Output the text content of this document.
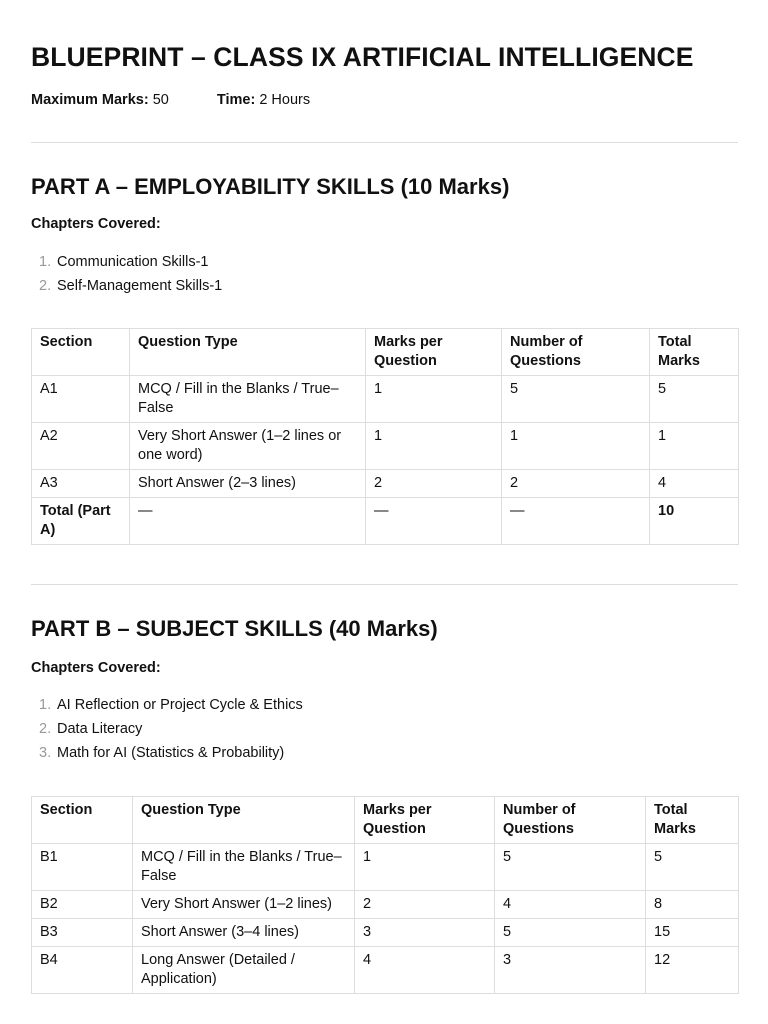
BLUEPRINT – CLASS IX ARTIFICIAL INTELLIGENCE
Maximum Marks: 50	Time: 2 Hours
PART A – EMPLOYABILITY SKILLS (10 Marks)
Chapters Covered:
1. Communication Skills-1
2. Self-Management Skills-1
Section	Question Type	Marks per Question	Number of Questions	Total Marks
A1	MCQ / Fill in the Blanks / True–False	1	5	5
A2	Very Short Answer (1–2 lines or one word)	1	1	1
A3	Short Answer (2–3 lines)	2	2	4
Total (Part A)	—	—	—	10
PART B – SUBJECT SKILLS (40 Marks)
Chapters Covered:
1. AI Reflection or Project Cycle & Ethics
2. Data Literacy
3. Math for AI (Statistics & Probability)
Section	Question Type	Marks per Question	Number of Questions	Total Marks
B1	MCQ / Fill in the Blanks / True–False	1	5	5
B2	Very Short Answer (1–2 lines)	2	4	8
B3	Short Answer (3–4 lines)	3	5	15
B4	Long Answer (Detailed / Application)	4	3	12
